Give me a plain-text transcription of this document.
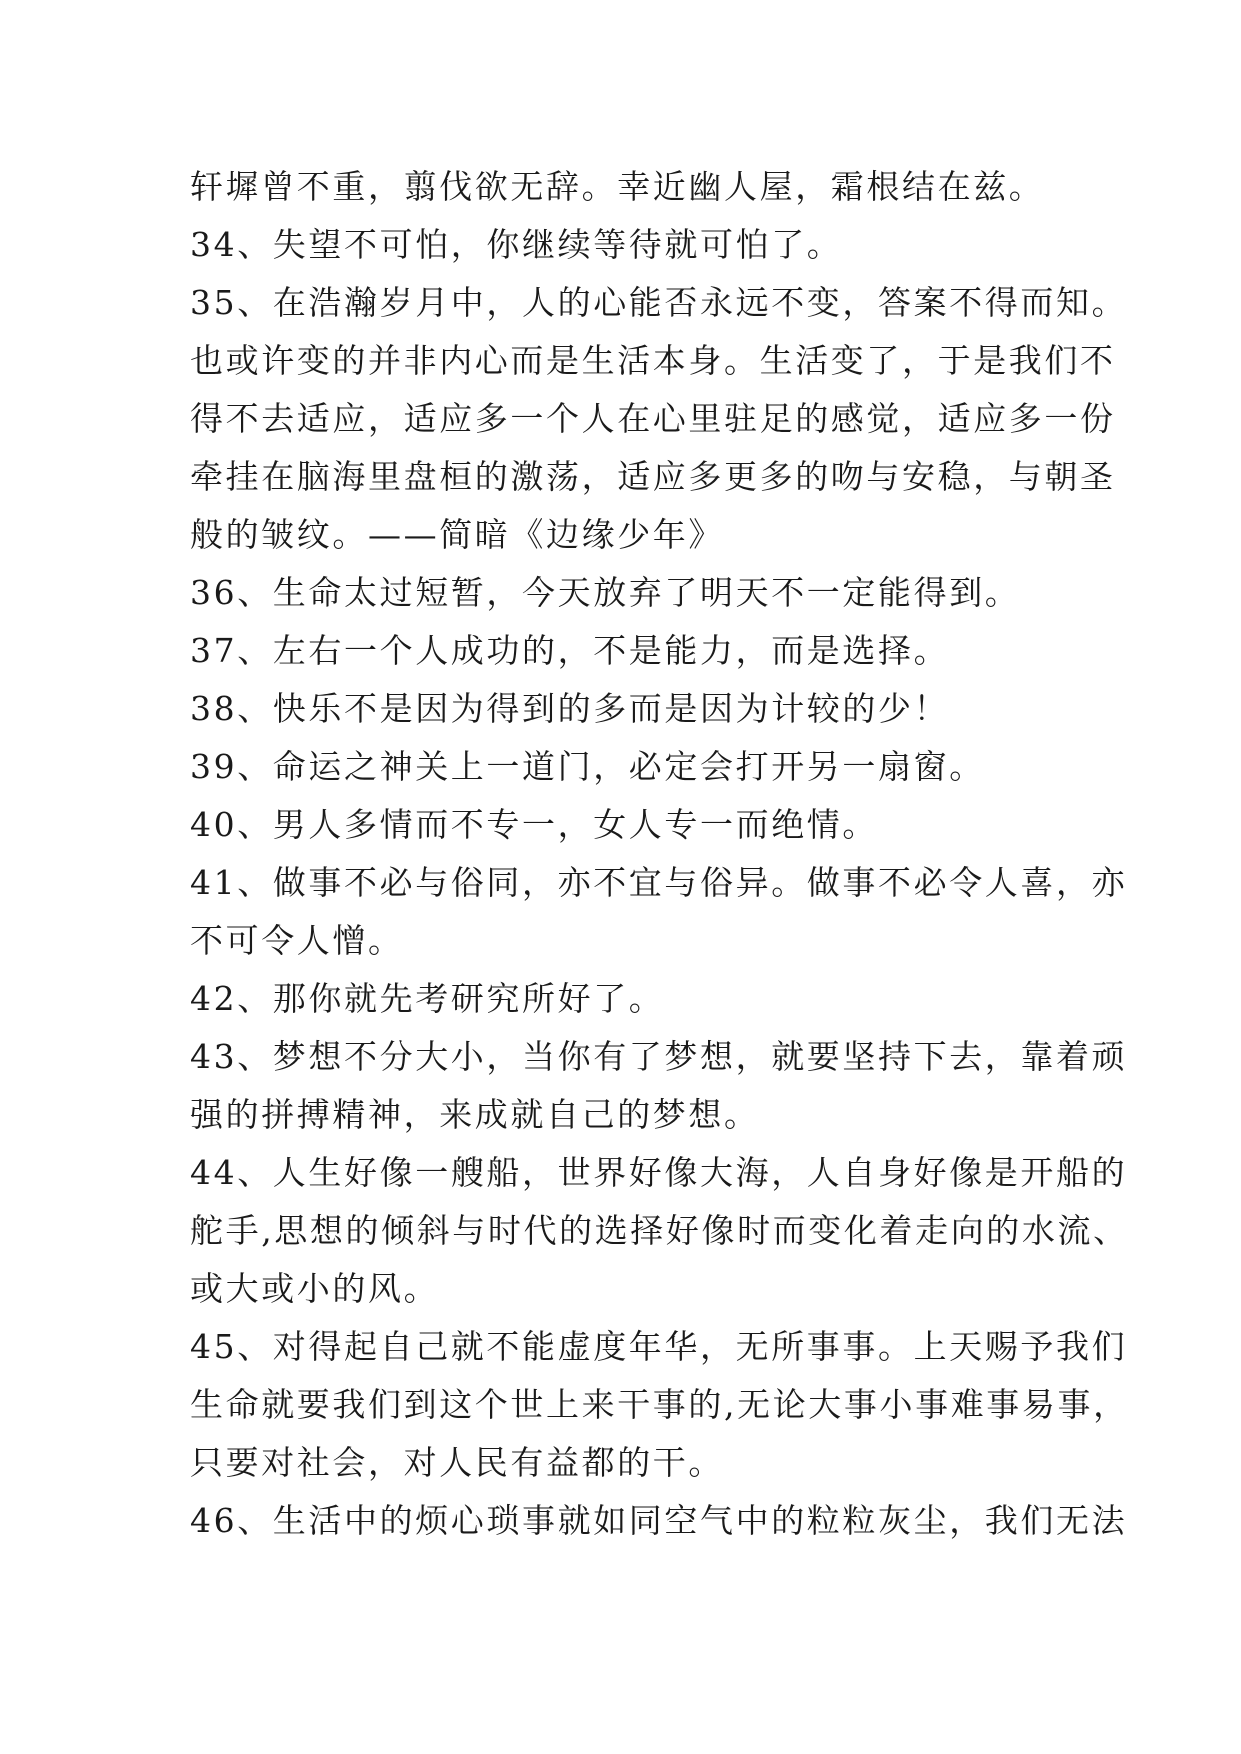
轩墀曾不重，翦伐欲无辞。幸近幽人屋，霜根结在兹。
34、失望不可怕，你继续等待就可怕了。
35、在浩瀚岁月中，人的心能否永远不变，答案不得而知。
也或许变的并非内心而是生活本身。生活变了，于是我们不
得不去适应，适应多一个人在心里驻足的感觉，适应多一份
牵挂在脑海里盘桓的激荡，适应多更多的吻与安稳，与朝圣
般的皱纹。——简暗《边缘少年》
36、生命太过短暂，今天放弃了明天不一定能得到。
37、左右一个人成功的，不是能力，而是选择。
38、快乐不是因为得到的多而是因为计较的少！
39、命运之神关上一道门，必定会打开另一扇窗。
40、男人多情而不专一，女人专一而绝情。
41、做事不必与俗同，亦不宜与俗异。做事不必令人喜，亦
不可令人憎。
42、那你就先考研究所好了。
43、梦想不分大小，当你有了梦想，就要坚持下去，靠着顽
强的拼搏精神，来成就自己的梦想。
44、人生好像一艘船，世界好像大海，人自身好像是开船的
舵手,思想的倾斜与时代的选择好像时而变化着走向的水流、
或大或小的风。
45、对得起自己就不能虚度年华，无所事事。上天赐予我们
生命就要我们到这个世上来干事的,无论大事小事难事易事，
只要对社会，对人民有益都的干。
46、生活中的烦心琐事就如同空气中的粒粒灰尘，我们无法
